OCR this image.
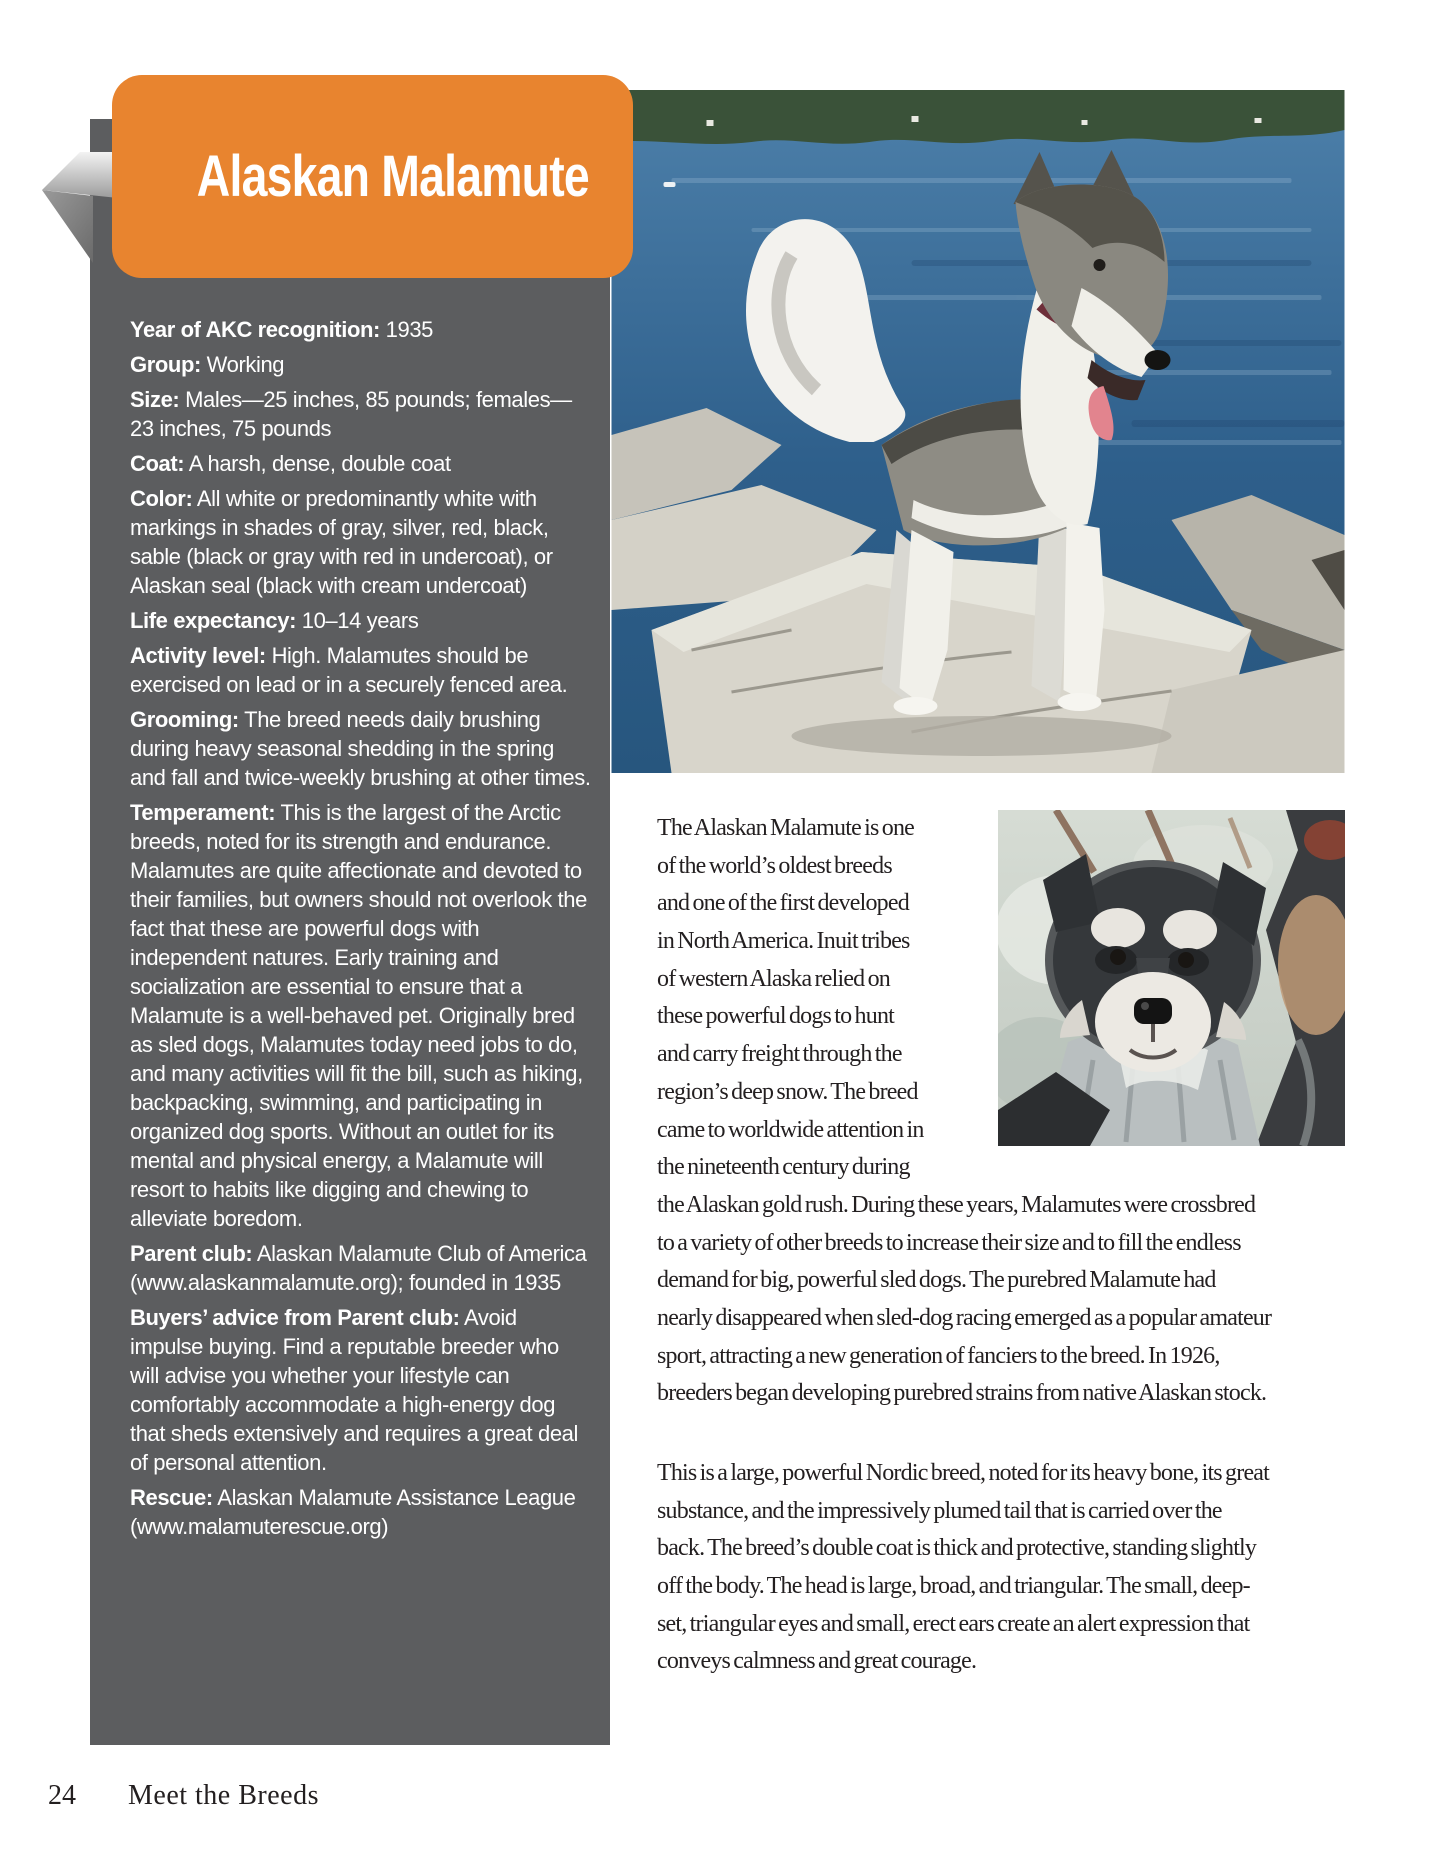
Year of AKC recognition: 1935

Group: Working

Size: Males—25 inches, 85 pounds; females—23 inches, 75 pounds

Coat: A harsh, dense, double coat

Color: All white or predominantly white with markings in shades of gray, silver, red, black, sable (black or gray with red in undercoat), or Alaskan seal (black with cream undercoat)

Life expectancy: 10–14 years

Activity level: High. Malamutes should be exercised on lead or in a securely fenced area.

Grooming: The breed needs daily brushing during heavy seasonal shedding in the spring and fall and twice-weekly brushing at other times.

Temperament: This is the largest of the Arctic breeds, noted for its strength and endurance. Malamutes are quite affectionate and devoted to their families, but owners should not overlook the fact that these are powerful dogs with independent natures. Early training and socialization are essential to ensure that a Malamute is a well-behaved pet. Originally bred as sled dogs, Malamutes today need jobs to do, and many activities will fit the bill, such as hiking, backpacking, swimming, and participating in organized dog sports. Without an outlet for its mental and physical energy, a Malamute will resort to habits like digging and chewing to alleviate boredom.

Parent club: Alaskan Malamute Club of America (www.alaskanmalamute.org); founded in 1935

Buyers’ advice from Parent club: Avoid impulse buying. Find a reputable breeder who will advise you whether your lifestyle can comfortably accommodate a high-energy dog that sheds extensively and requires a great deal of personal attention.

Rescue: Alaskan Malamute Assistance League (www.malamuterescue.org)

Alaskan Malamute
The Alaskan Malamute is one
of the world’s oldest breeds
and one of the first developed
in North America. Inuit tribes
of western Alaska relied on
these powerful dogs to hunt
and carry freight through the
region’s deep snow. The breed
came to worldwide attention in
the nineteenth century during
the Alaskan gold rush. During these years, Malamutes were crossbred
to a variety of other breeds to increase their size and to fill the endless
demand for big, powerful sled dogs. The purebred Malamute had
nearly disappeared when sled-dog racing emerged as a popular amateur
sport, attracting a new generation of fanciers to the breed. In 1926,
breeders began developing purebred strains from native Alaskan stock.
This is a large, powerful Nordic breed, noted for its heavy bone, its great
substance, and the impressively plumed tail that is carried over the
back. The breed’s double coat is thick and protective, standing slightly
off the body. The head is large, broad, and triangular. The small, deep-
set, triangular eyes and small, erect ears create an alert expression that
conveys calmness and great courage.
24 Meet the Breeds
